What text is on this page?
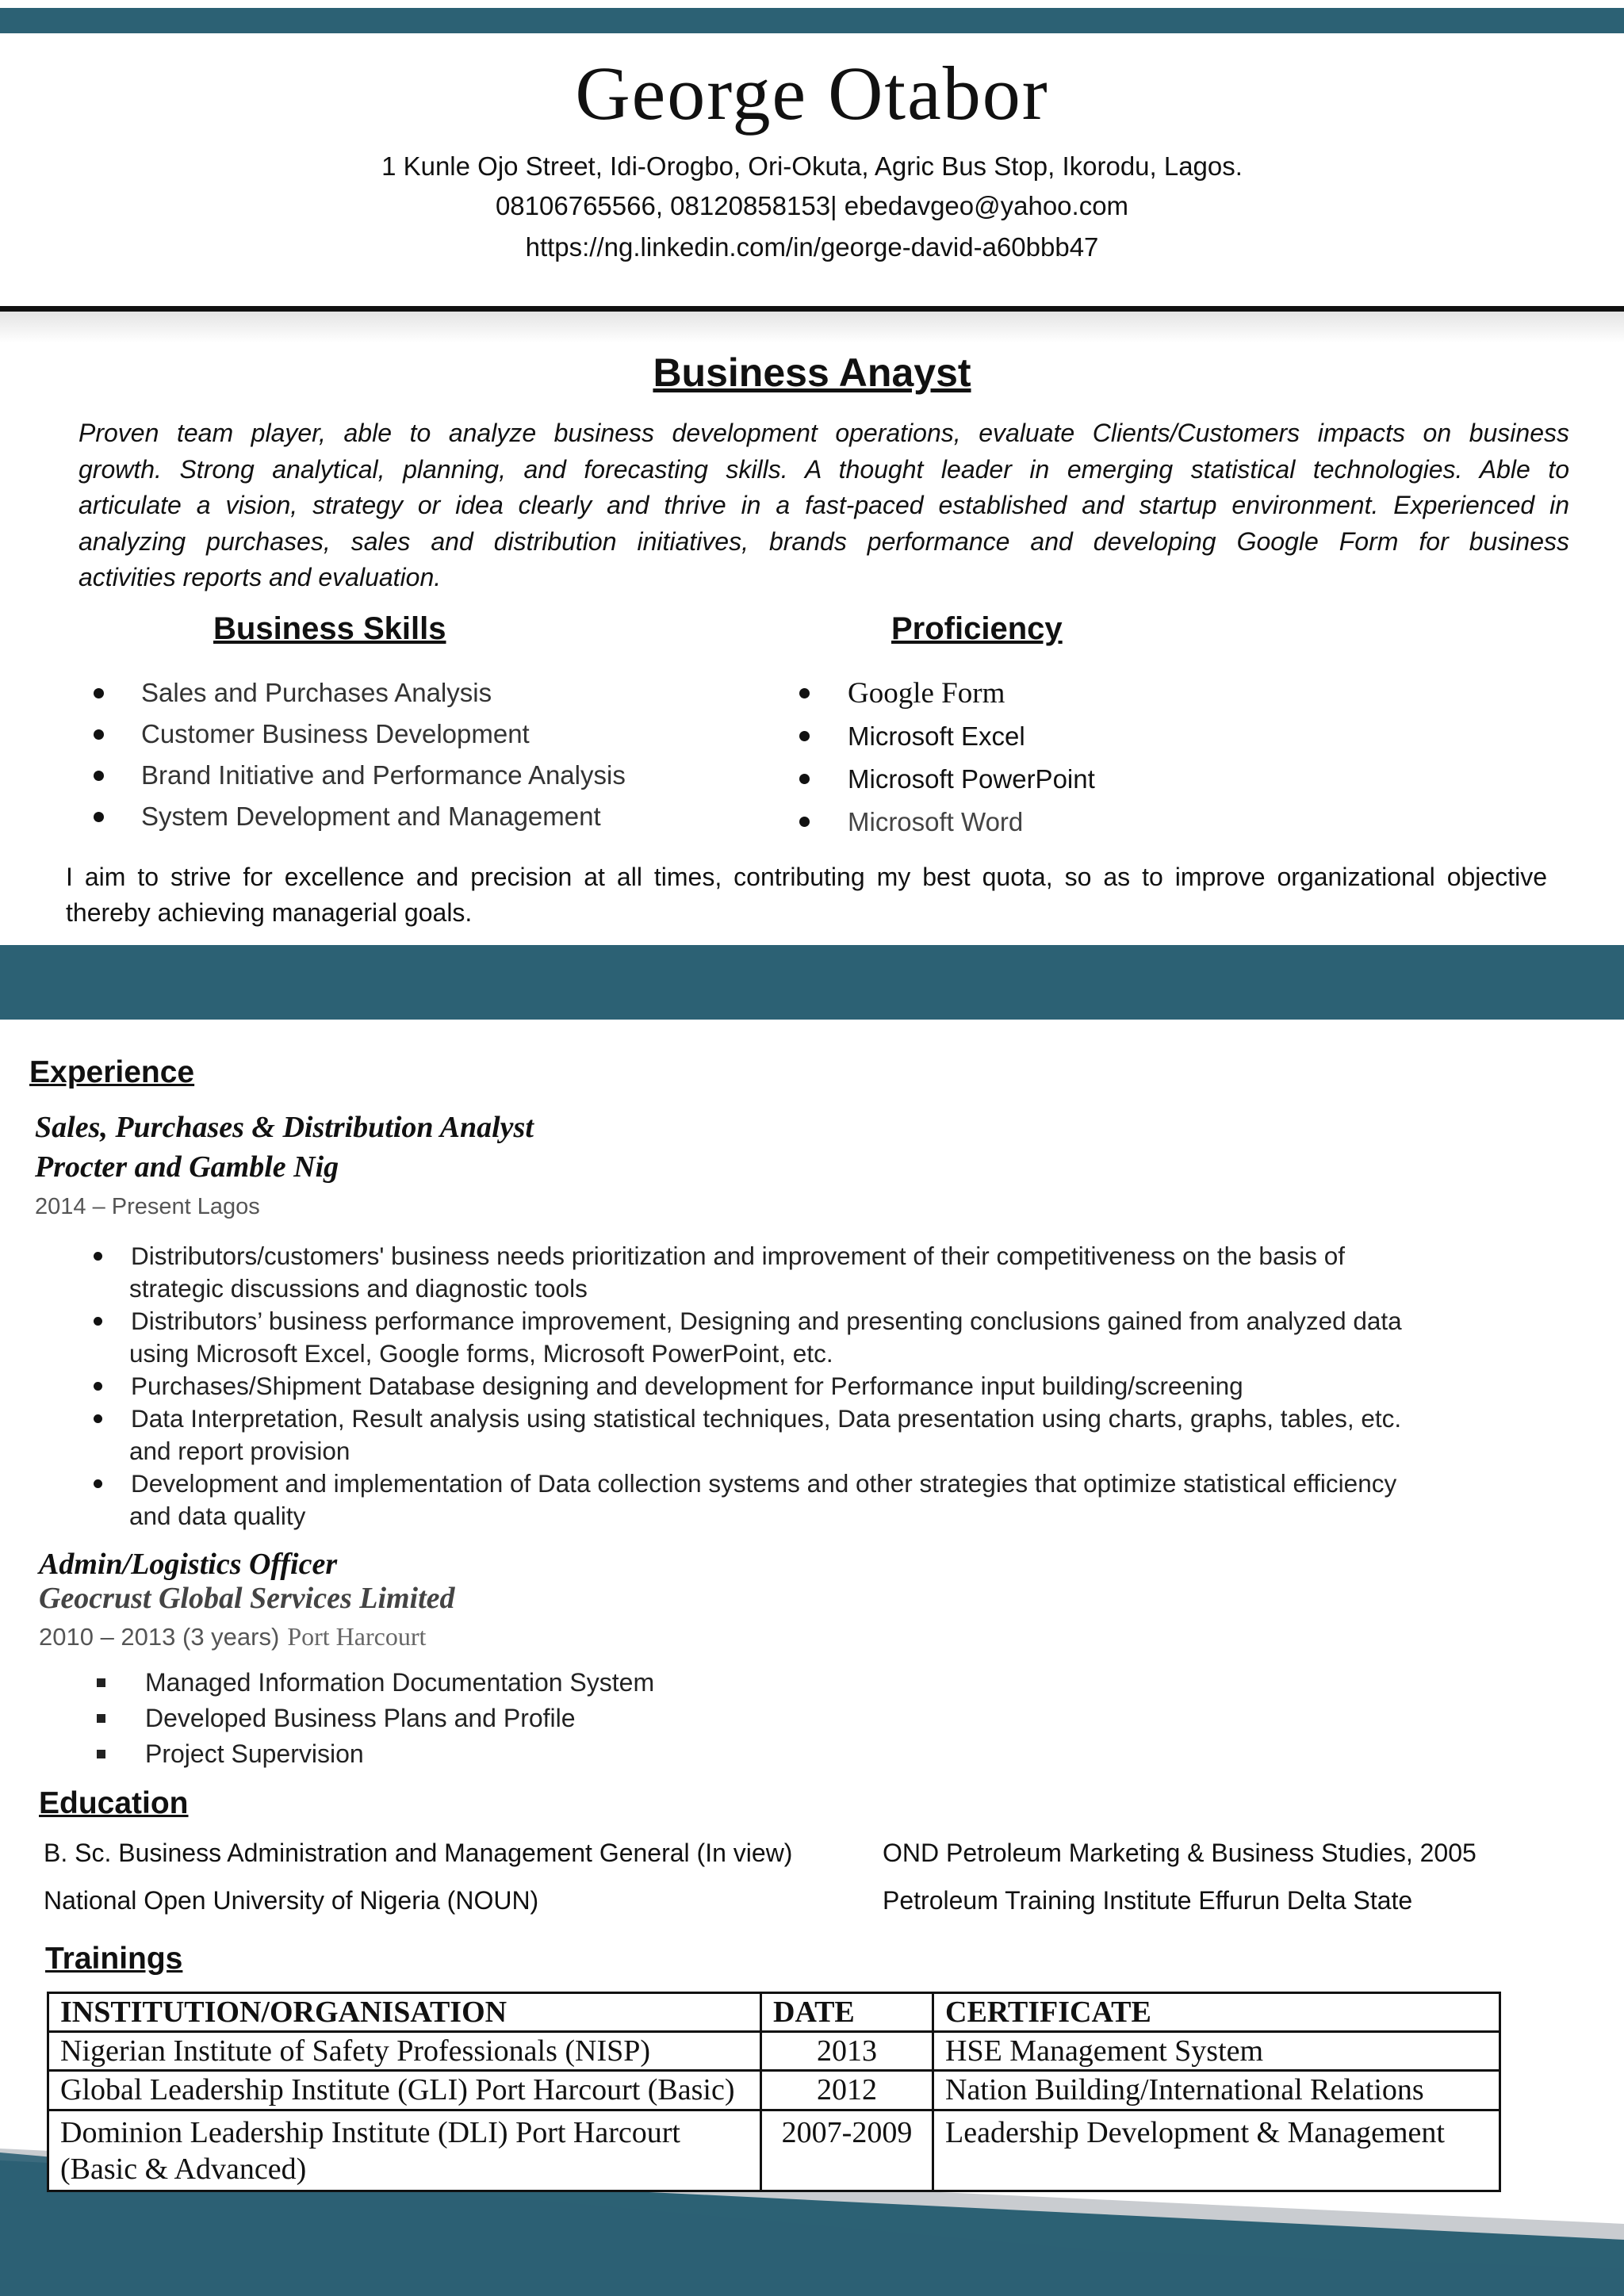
George Otabor
1 Kunle Ojo Street, Idi-Orogbo, Ori-Okuta, Agric Bus Stop, Ikorodu, Lagos.
08106765566, 08120858153| ebedavgeo@yahoo.com
https://ng.linkedin.com/in/george-david-a60bbb47
Business Anayst
Proven team player, able to analyze business development operations, evaluate Clients/Customers impacts on business
growth. Strong analytical, planning, and forecasting skills. A thought leader in emerging statistical technologies. Able to
articulate a vision, strategy or idea clearly and thrive in a fast-paced established and startup environment. Experienced in
analyzing purchases, sales and distribution initiatives, brands performance and developing Google Form for business
activities reports and evaluation.
Business Skills
Sales and Purchases Analysis
Customer Business Development
Brand Initiative and Performance Analysis
System Development and Management
Proficiency
Google Form
Microsoft Excel
Microsoft PowerPoint
Microsoft Word
I aim to strive for excellence and precision at all times, contributing my best quota, so as to improve organizational objective
thereby achieving managerial goals.
Experience
Sales, Purchases & Distribution Analyst
Procter and Gamble Nig
2014 – Present Lagos
Distributors/customers' business needs prioritization and improvement of their competitiveness on the basis of
strategic discussions and diagnostic tools
Distributors’ business performance improvement, Designing and presenting conclusions gained from analyzed data
using Microsoft Excel, Google forms, Microsoft PowerPoint, etc.
Purchases/Shipment Database designing and development for Performance input building/screening
Data Interpretation, Result analysis using statistical techniques, Data presentation using charts, graphs, tables, etc.
and report provision
Development and implementation of Data collection systems and other strategies that optimize statistical efficiency
and data quality
Admin/Logistics Officer
Geocrust Global Services Limited
2010 – 2013 (3 years) Port Harcourt
Managed Information Documentation System
Developed Business Plans and Profile
Project Supervision
Education
B. Sc. Business Administration and Management General (In view)
National Open University of Nigeria (NOUN)
OND Petroleum Marketing & Business Studies, 2005
Petroleum Training Institute Effurun Delta State
Trainings
INSTITUTION/ORGANISATION	DATE	CERTIFICATE
Nigerian Institute of Safety Professionals (NISP)	2013	HSE Management System
Global Leadership Institute (GLI) Port Harcourt (Basic)	2012	Nation Building/International Relations
Dominion Leadership Institute (DLI) Port Harcourt (Basic & Advanced)	2007-2009	Leadership Development & Management
